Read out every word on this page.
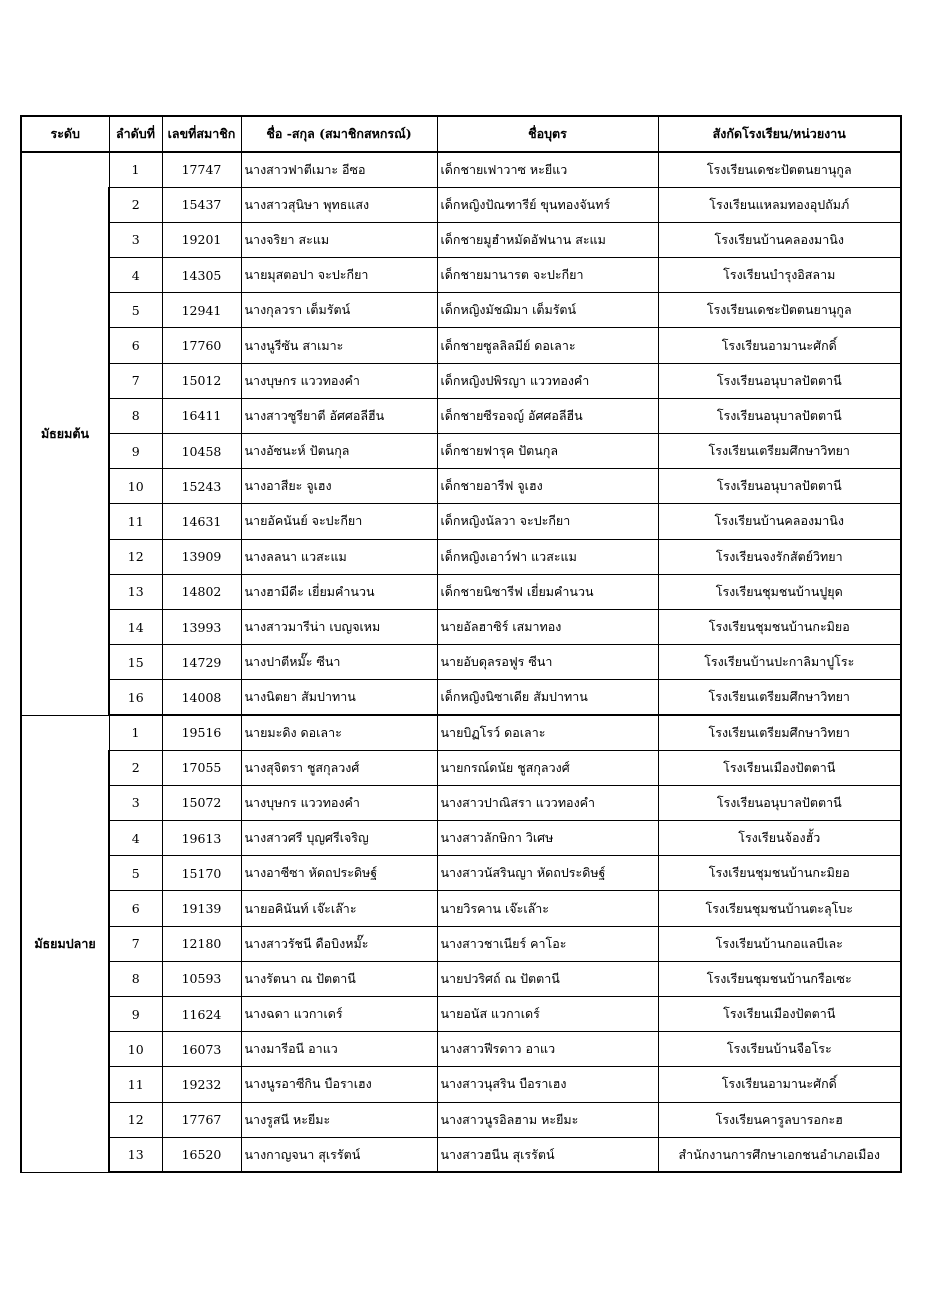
ระดับ	ลำดับที่	เลขที่สมาชิก	ชื่อ -สกุล (สมาชิกสหกรณ์)	ชื่อบุตร	สังกัดโรงเรียน/หน่วยงาน
มัธยมต้น	1	17747	นางสาวฟาตีเมาะ อีซอ	เด็กชายเฟาวาซ หะยีแว	โรงเรียนเดชะปัตตนยานุกูล
	2	15437	นางสาวสุนิษา พุทธแสง	เด็กหญิงปัณฑารีย์ ขุนทองจันทร์	โรงเรียนแหลมทองอุปถัมภ์
	3	19201	นางจริยา สะแม	เด็กชายมูฮำหมัดอัฟนาน สะแม	โรงเรียนบ้านคลองมานิง
	4	14305	นายมุสตอปา จะปะกียา	เด็กชายมานารต จะปะกียา	โรงเรียนบำรุงอิสลาม
	5	12941	นางกุลวรา เต็มรัตน์	เด็กหญิงมัชฌิมา เต็มรัตน์	โรงเรียนเดชะปัตตนยานุกูล
	6	17760	นางนูรีซัน สาเมาะ	เด็กชายซูลลิลมีย์ ดอเลาะ	โรงเรียนอามานะศักดิ์
	7	15012	นางบุษกร แววทองคำ	เด็กหญิงปพิรญา แววทองคำ	โรงเรียนอนุบาลปัตตานี
	8	16411	นางสาวซูรียาตี อัศศอลีฮีน	เด็กชายซีรอจญ์ อัศศอลีฮีน	โรงเรียนอนุบาลปัตตานี
	9	10458	นางอัซนะห์ ปัตนกุล	เด็กชายฟารุค ปัตนกุล	โรงเรียนเตรียมศึกษาวิทยา
	10	15243	นางอาสียะ จูเฮง	เด็กชายอารีฟ จูเฮง	โรงเรียนอนุบาลปัตตานี
	11	14631	นายอัคนันย์ จะปะกียา	เด็กหญิงนัลวา จะปะกียา	โรงเรียนบ้านคลองมานิง
	12	13909	นางลลนา แวสะแม	เด็กหญิงเอาว์ฟา แวสะแม	โรงเรียนจงรักสัตย์วิทยา
	13	14802	นางฮามีดีะ เยี่ยมคำนวน	เด็กชายนิซารีฟ เยี่ยมคำนวน	โรงเรียนชุมชนบ้านปูยุด
	14	13993	นางสาวมารีน่า เบญจเหม	นายอัลฮาซิร์ เสมาทอง	โรงเรียนชุมชนบ้านกะมิยอ
	15	14729	นางปาตีหมั๊ะ ซีนา	นายอับดุลรอฟูร ซีนา	โรงเรียนบ้านปะกาลิมาปูโระ
	16	14008	นางนิตยา สัมปาทาน	เด็กหญิงนิซาเดีย สัมปาทาน	โรงเรียนเตรียมศึกษาวิทยา
มัธยมปลาย	1	19516	นายมะดิง ดอเลาะ	นายบิฏโรว์ ดอเลาะ	โรงเรียนเตรียมศึกษาวิทยา
	2	17055	นางสุจิตรา ชูสกุลวงศ์	นายกรณ์ดนัย ชูสกุลวงศ์	โรงเรียนเมืองปัตตานี
	3	15072	นางบุษกร แววทองคำ	นางสาวปาณิสรา แววทองคำ	โรงเรียนอนุบาลปัตตานี
	4	19613	นางสาวศรี บุญศรีเจริญ	นางสาวลักษิกา วิเศษ	โรงเรียนจ้องฮั้ว
	5	15170	นางอาซีซา หัดถประดิษฐ์	นางสาวนัสรินญา หัดถประดิษฐ์	โรงเรียนชุมชนบ้านกะมิยอ
	6	19139	นายอคินันท์ เจ๊ะเล๊าะ	นายวิรคาน เจ๊ะเล๊าะ	โรงเรียนชุมชนบ้านตะลุโบะ
	7	12180	นางสาวรัชนี ดือบิงหมั๊ะ	นางสาวชาเนียร์ คาโอะ	โรงเรียนบ้านกอแลบีเละ
	8	10593	นางรัตนา ณ ปัตตานี	นายปวริศถ์ ณ ปัตตานี	โรงเรียนชุมชนบ้านกรือเซะ
	9	11624	นางฉดา แวกาเดร์	นายอนัส แวกาเดร์	โรงเรียนเมืองปัตตานี
	10	16073	นางมารีอนี อาแว	นางสาวฟีรดาว อาแว	โรงเรียนบ้านจือโระ
	11	19232	นางนูรอาซีกิน บือราเฮง	นางสาวนุสริน บือราเฮง	โรงเรียนอามานะศักดิ์
	12	17767	นางรูสนี หะยีมะ	นางสาวนูรอิลฮาม หะยีมะ	โรงเรียนคารูลบารอกะฮ
	13	16520	นางกาญจนา สุเรรัตน์	นางสาวฮนีน สุเรรัตน์	สำนักงานการศึกษาเอกชนอำเภอเมือง
